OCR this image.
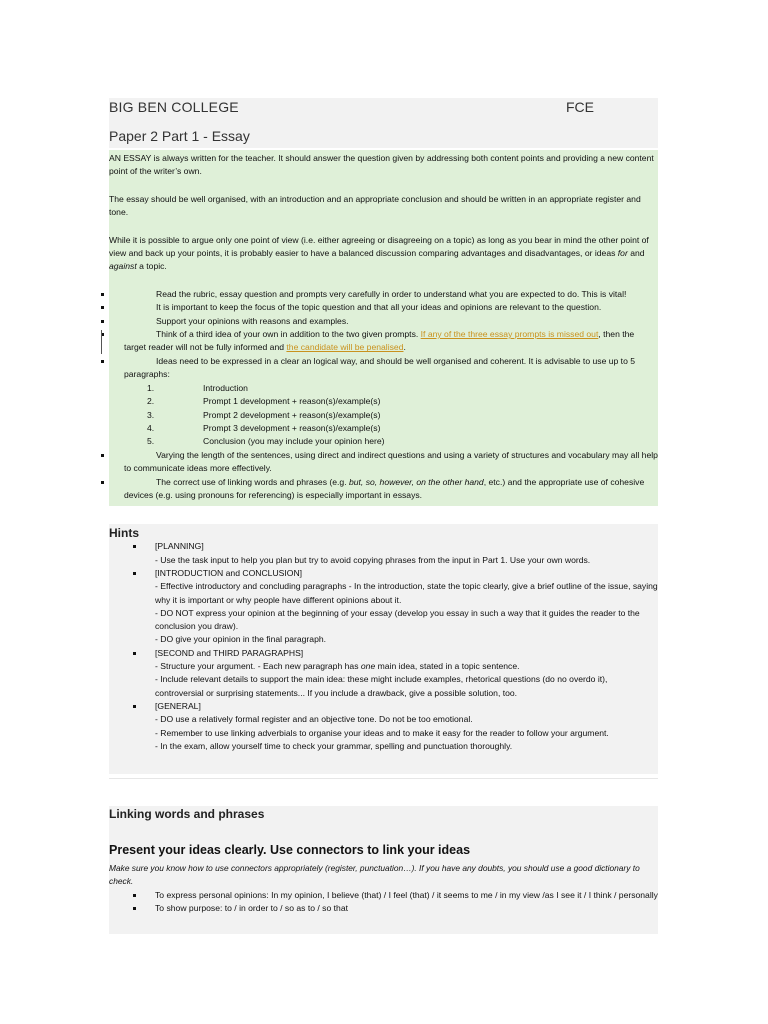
BIG BEN COLLEGE	FCE
Paper 2 Part 1 - Essay

AN ESSAY is always written for the teacher. It should answer the question given by addressing both content points and providing a new content point of the writer’s own.

The essay should be well organised, with an introduction and an appropriate conclusion and should be written in an appropriate register and tone.

While it is possible to argue only one point of view (i.e. either agreeing or disagreeing on a topic) as long as you bear in mind the other point of view and back up your points, it is probably easier to have a balanced discussion comparing advantages and disadvantages, or ideas for and against a topic.

Read the rubric, essay question and prompts very carefully in order to understand what you are expected to do. This is vital!
It is important to keep the focus of the topic question and that all your ideas and opinions are relevant to the question.
Support your opinions with reasons and examples.
Think of a third idea of your own in addition to the two given prompts. If any of the three essay prompts is missed out, then the target reader will not be fully informed and the candidate will be penalised.
Ideas need to be expressed in a clear an logical way, and should be well organised and coherent. It is advisable to use up to 5 paragraphs:
1.	Introduction
2.	Prompt 1 development + reason(s)/example(s)
3.	Prompt 2 development + reason(s)/example(s)
4.	Prompt 3 development + reason(s)/example(s)
5.	Conclusion (you may include your opinion here)
Varying the length of the sentences, using direct and indirect questions and using a variety of structures and vocabulary may all help to communicate ideas more effectively.
The correct use of linking words and phrases (e.g. but, so, however, on the other hand, etc.) and the appropriate use of cohesive devices (e.g. using pronouns for referencing) is especially important in essays.
Hints
[PLANNING]
- Use the task input to help you plan but try to avoid copying phrases from the input in Part 1. Use your own words.
[INTRODUCTION and CONCLUSION]
- Effective introductory and concluding paragraphs - In the introduction, state the topic clearly, give a brief outline of the issue, saying why it is important or why people have different opinions about it.
- DO NOT express your opinion at the beginning of your essay (develop you essay in such a way that it guides the reader to the conclusion you draw).
- DO give your opinion in the final paragraph.
[SECOND and THIRD PARAGRAPHS]
- Structure your argument. - Each new paragraph has one main idea, stated in a topic sentence.
- Include relevant details to support the main idea: these might include examples, rhetorical questions (do no overdo it), controversial or surprising statements... If you include a drawback, give a possible solution, too.
[GENERAL]
- DO use a relatively formal register and an objective tone. Do not be too emotional.
- Remember to use linking adverbials to organise your ideas and to make it easy for the reader to follow your argument.
- In the exam, allow yourself time to check your grammar, spelling and punctuation thoroughly.
Linking words and phrases

Present your ideas clearly. Use connectors to link your ideas

Make sure you know how to use connectors appropriately (register, punctuation…). If you have any doubts, you should use a good dictionary to check.

To express personal opinions: In my opinion, I believe (that) / I feel (that) / it seems to me / in my view /as I see it / I think / personally
To show purpose: to / in order to / so as to / so that
